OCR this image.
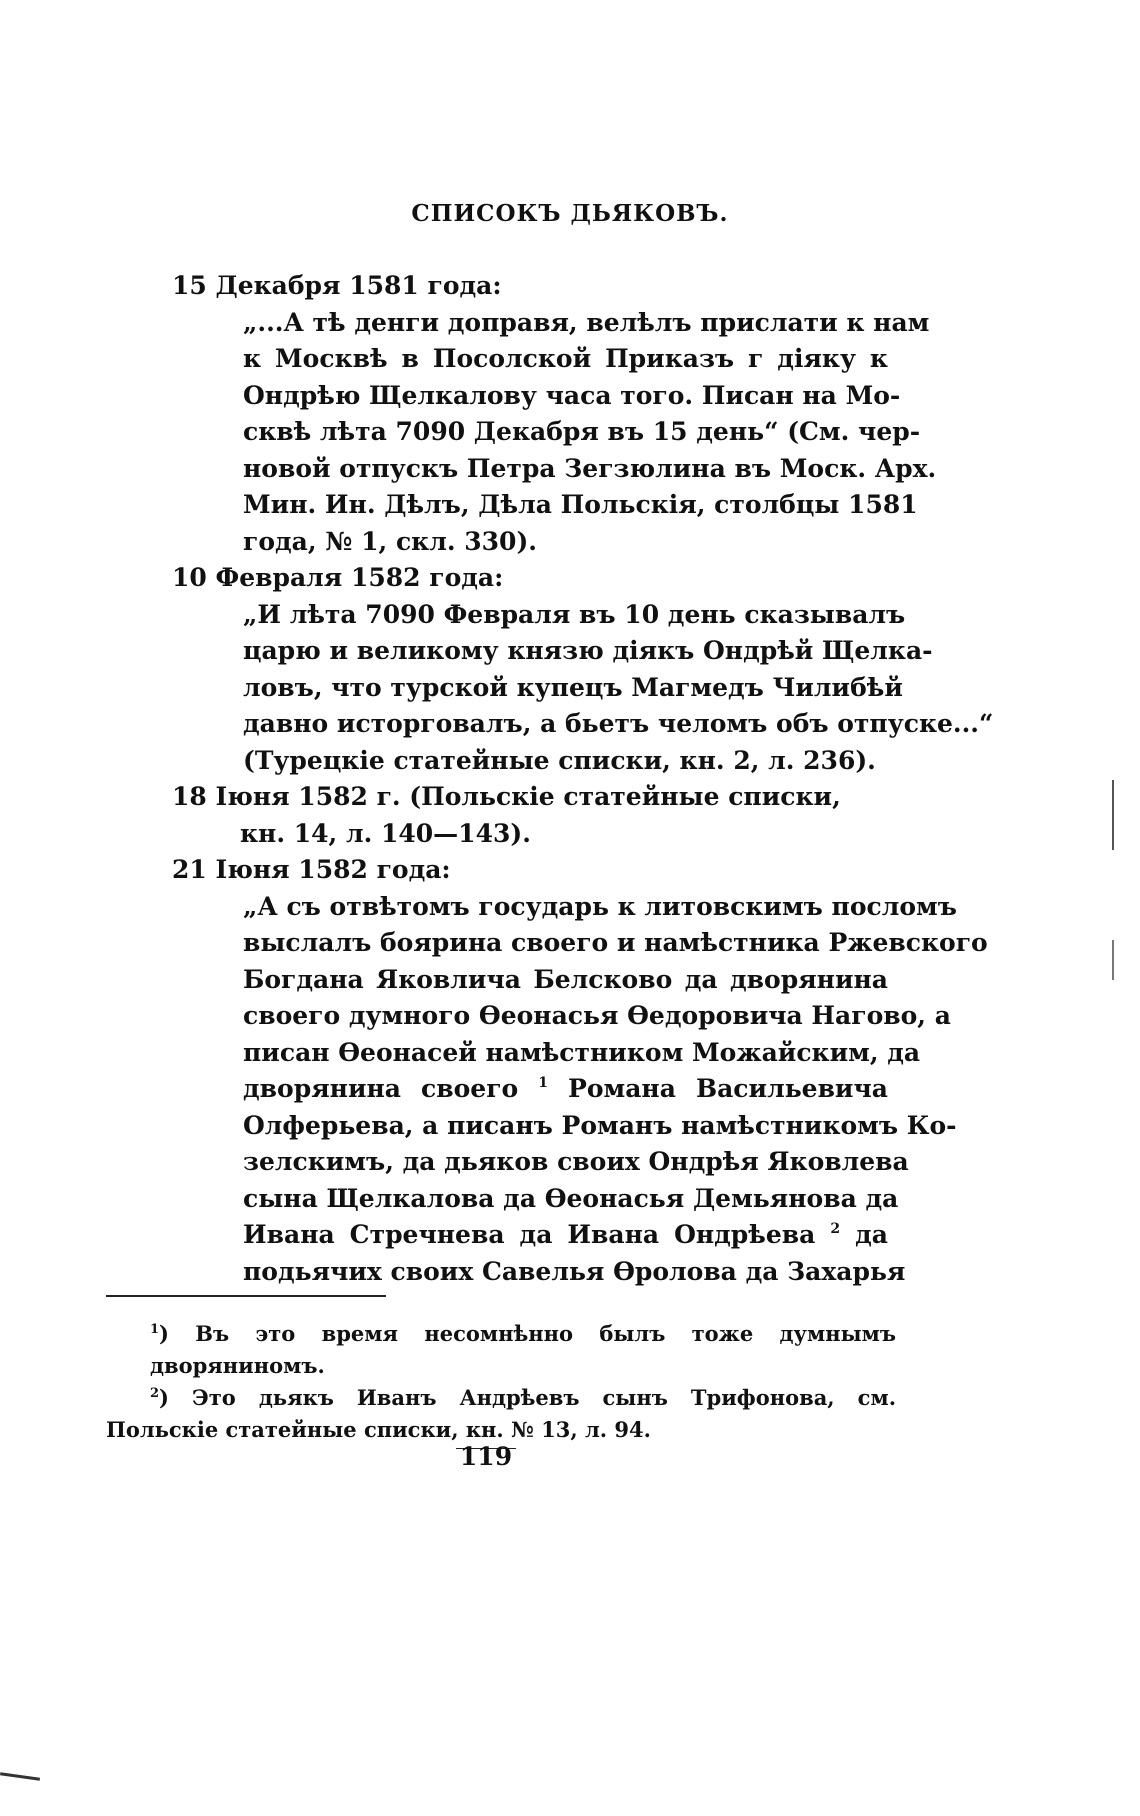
СПИСОКЪ ДЬЯКОВЪ.

15 Декабря 1581 года:

„...А тѣ денги доправя, велѣлъ прислати к нам
к Москвѣ в Посолской Приказъ г діяку к
Ондрѣю Щелкалову часа того. Писан на Мо-
сквѣ лѣта 7090 Декабря въ 15 день“ (См. чер-
новой отпускъ Петра Зегзюлина въ Моск. Арх.
Мин. Ин. Дѣлъ, Дѣла Польскія, столбцы 1581
года, № 1, скл. 330).

10 Февраля 1582 года:

„И лѣта 7090 Февраля въ 10 день сказывалъ
царю и великому князю діякъ Ондрѣй Щелка-
ловъ, что турской купецъ Магмедъ Чилибѣй
давно исторговалъ, а бьетъ челомъ объ отпуске...“
(Турецкіе статейные списки, кн. 2, л. 236).

18 Іюня 1582 г. (Польскіе статейные списки, кн. 14, л. 140—143).

21 Іюня 1582 года:

„А съ отвѣтомъ государь к литовскимъ посломъ
выслалъ боярина своего и намѣстника Ржевского
Богдана Яковлича Белсково да дворянина
своего думного Ѳеонасья Ѳедоровича Нагово, а
писан Ѳеонасей намѣстником Можайским, да
дворянина своего $^1$ Романа Васильевича
Олферьева, а писанъ Романъ намѣстникомъ Ко-
зелскимъ, да дьяков своих Ондрѣя Яковлева
сына Щелкалова да Ѳеонасья Демьянова да
Ивана Стречнева да Ивана Ондрѣева $^2$ да
подьячих своих Савелья Ѳролова да Захарья

$^1$) Въ это время несомнѣнно былъ тоже думнымъ дворяниномъ.

$^2$) Это дьякъ Иванъ Андрѣевъ сынъ Трифонова, см. Польскіе статейные списки, кн. № 13, л. 94.

119
